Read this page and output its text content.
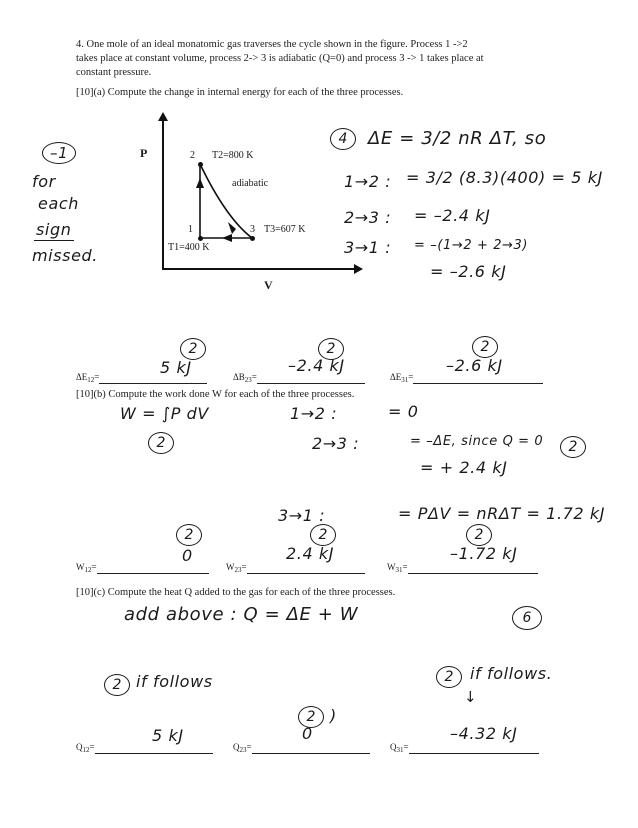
4. One mole of an ideal monatomic gas traverses the cycle shown in the figure. Process 1 ->2
takes place at constant volume, process 2-> 3 is adiabatic (Q=0) and process 3 -> 1 takes place at
constant pressure.
[10](a) Compute the change in internal energy for each of the three processes.
P
V
2
1	3
T2=800 K
T1=400 K
T3=607 K
adiabatic
–1
for
each
sign
missed.
4	ΔE = 3/2 nR ΔT, so
1→2 : = 3/2 (8.3)(400) = 5 kJ
2→3 : = –2.4 kJ
3→1 : = –(1→2 + 2→3)
= –2.6 kJ
2	2	2
5 kJ	–2.4 kJ	–2.6 kJ
$\Delta E_{12}=$	$\Delta B_{23}=$	$\Delta E_{31}=$
[10](b) Compute the work done W for each of the three processes.
W = ∫P dV
2
1→2 :	= 0
2→3 :	= –ΔE, since Q = 0
= + 2.4 kJ
2
3→1 :	= PΔV = nRΔT = 1.72 kJ
2	2	2
0	2.4 kJ	–1.72 kJ
$W_{12}=$	$W_{23}=$	$W_{31}=$
[10](c) Compute the heat Q added to the gas for each of the three processes.
add above : Q = ΔE + W	6
2 if follows
2 )
2	if follows.
↓
5 kJ	0	–4.32 kJ
$Q_{12}=$	$Q_{23}=$	$Q_{31}=$
